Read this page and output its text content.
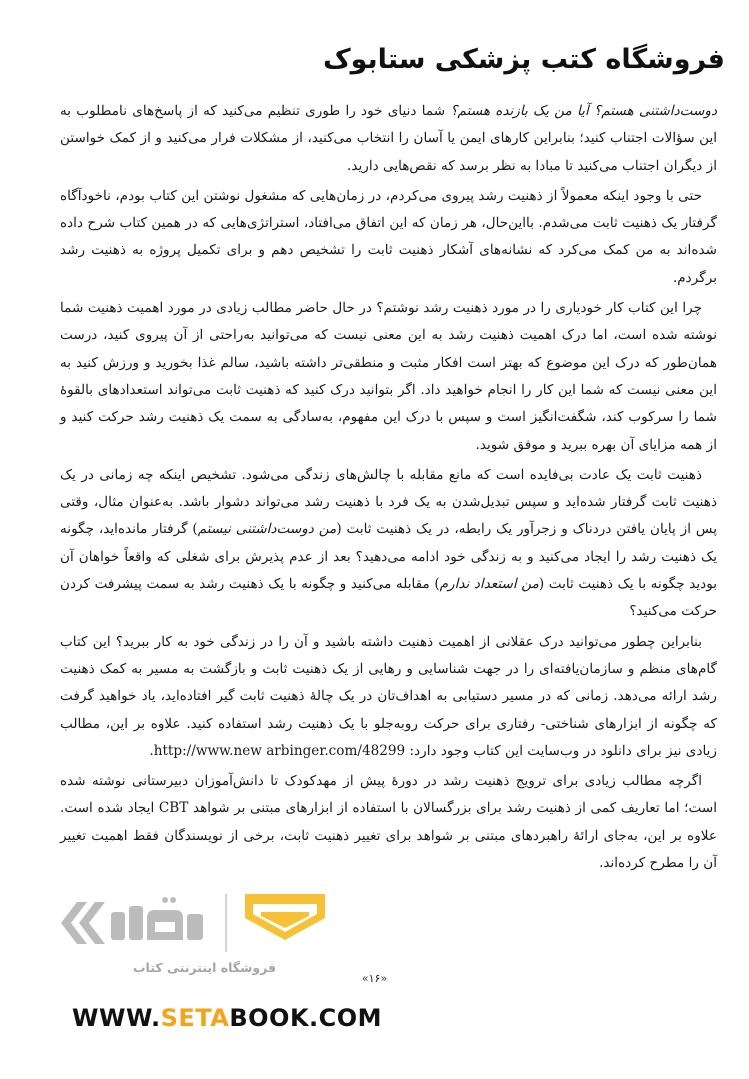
فروشگاه کتب پزشکی ستابوک

دوست‌داشتنی هستم؟ آیا من یک بازنده هستم؟ شما دنیای خود را طوری تنظیم می‌کنید که از پاسخ‌های نامطلوب به این سؤالات اجتناب کنید؛ بنابراین کارهای ایمن یا آسان را انتخاب می‌کنید، از مشکلات فرار می‌کنید و از کمک خواستن از دیگران اجتناب می‌کنید تا مبادا به نظر برسد که نقص‌هایی دارید.

حتی با وجود اینکه معمولاً از ذهنیت رشد پیروی می‌کردم، در زمان‌هایی که مشغول نوشتن این کتاب بودم، ناخودآگاه گرفتار یک ذهنیت ثابت می‌شدم. بااین‌حال، هر زمان که این اتفاق می‌افتاد، استراتژی‌هایی که در همین کتاب شرح داده شده‌اند به من کمک می‌کرد که نشانه‌های آشکار ذهنیت ثابت را تشخیص دهم و برای تکمیل پروژه به ذهنیت رشد برگردم.

چرا این کتاب کار خودیاری را در مورد ذهنیت رشد نوشتم؟ در حال حاضر مطالب زیادی در مورد اهمیت ذهنیت شما نوشته شده است، اما درک اهمیت ذهنیت رشد به این معنی نیست که می‌توانید به‌راحتی از آن پیروی کنید، درست همان‌طور که درک این موضوع که بهتر است افکار مثبت و منطقی‌تر داشته باشید، سالم غذا بخورید و ورزش کنید به این معنی نیست که شما این کار را انجام خواهید داد. اگر بتوانید درک کنید که ذهنیت ثابت می‌تواند استعدادهای بالقوهٔ شما را سرکوب کند، شگفت‌انگیز است و سپس با درک این مفهوم، به‌سادگی به سمت یک ذهنیت رشد حرکت کنید و از همه مزایای آن بهره ببرید و موفق شوید.

ذهنیت ثابت یک عادت بی‌فایده است که مانع مقابله با چالش‌های زندگی می‌شود. تشخیص اینکه چه زمانی در یک ذهنیت ثابت گرفتار شده‌اید و سپس تبدیل‌شدن به یک فرد با ذهنیت رشد می‌تواند دشوار باشد. به‌عنوان مثال، وقتی پس از پایان یافتن دردناک و زجرآور یک رابطه، در یک ذهنیت ثابت (من دوست‌داشتنی نیستم) گرفتار مانده‌اید، چگونه یک ذهنیت رشد را ایجاد می‌کنید و به زندگی خود ادامه می‌دهید؟ بعد از عدم پذیرش برای شغلی که واقعاً خواهان آن بودید چگونه با یک ذهنیت ثابت (من استعداد ندارم) مقابله می‌کنید و چگونه با یک ذهنیت رشد به سمت پیشرفت کردن حرکت می‌کنید؟

بنابراین چطور می‌توانید درک عقلانی از اهمیت ذهنیت داشته باشید و آن را در زندگی خود به کار ببرید؟ این کتاب گام‌های منظم و سازمان‌یافته‌ای را در جهت شناسایی و رهایی از یک ذهنیت ثابت و بازگشت به مسیر به کمک ذهنیت رشد ارائه می‌دهد. زمانی که در مسیر دستیابی به اهداف‌تان در یک چالهٔ ذهنیت ثابت گیر افتاده‌اید، یاد خواهید گرفت که چگونه از ابزارهای شناختی- رفتاری برای حرکت روبه‌جلو با یک ذهنیت رشد استفاده کنید. علاوه بر این، مطالب زیادی نیز برای دانلود در وب‌سایت این کتاب وجود دارد: http://www.new arbinger.com/48299.

اگرچه مطالب زیادی برای ترویج ذهنیت رشد در دورهٔ پیش از مهدکودک تا دانش‌آموزان دبیرستانی نوشته شده است؛ اما تعاریف کمی از ذهنیت رشد برای بزرگسالان با استفاده از ابزارهای مبتنی بر شواهد CBT ایجاد شده است. علاوه بر این، به‌جای ارائهٔ راهبردهای مبتنی بر شواهد برای تغییر ذهنیت ثابت، برخی از نویسندگان فقط اهمیت تغییر آن را مطرح کرده‌اند.

فروشگاه اینترنتی کتاب
«۱۶»
WWW.SETABOOK.COM
